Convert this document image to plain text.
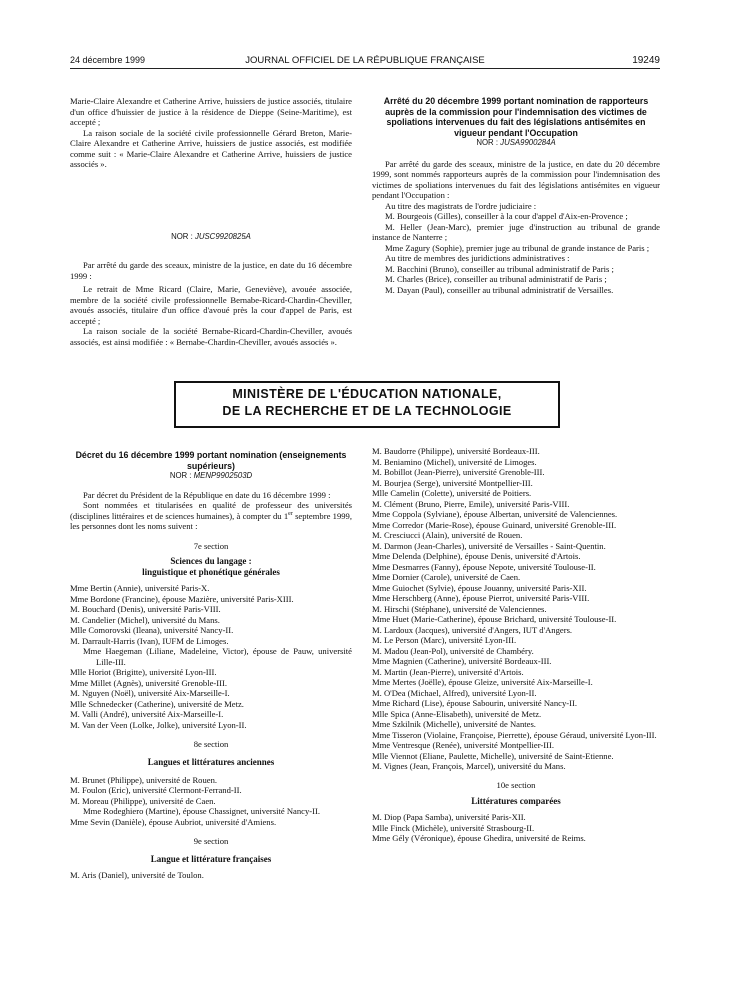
24 décembre 1999	JOURNAL OFFICIEL DE LA RÉPUBLIQUE FRANÇAISE	19249

Marie-Claire Alexandre et Catherine Arrive, huissiers de justice associés, titulaire d'un office d'huissier de justice à la résidence de Dieppe (Seine-Maritime), est accepté ;

La raison sociale de la société civile professionnelle Gérard Breton, Marie-Claire Alexandre et Catherine Arrive, huissiers de justice associés, est modifiée comme suit : « Marie-Claire Alexandre et Catherine Arrive, huissiers de justice associés ».

NOR : JUSC9920825A

Par arrêté du garde des sceaux, ministre de la justice, en date du 16 décembre 1999 :

Le retrait de Mme Ricard (Claire, Marie, Geneviève), avouée associée, membre de la société civile professionnelle Bernabe-Ricard-Chardin-Cheviller, avoués associés, titulaire d'un office d'avoué près la cour d'appel de Paris, est accepté ;

La raison sociale de la société Bernabe-Ricard-Chardin-Cheviller, avoués associés, est ainsi modifiée : « Bernabe-Chardin-Cheviller, avoués associés ».

Arrêté du 20 décembre 1999 portant nomination de rapporteurs auprès de la commission pour l'indemnisation des victimes de spoliations intervenues du fait des législations antisémites en vigueur pendant l'Occupation

NOR : JUSA9900284A

Par arrêté du garde des sceaux, ministre de la justice, en date du 20 décembre 1999, sont nommés rapporteurs auprès de la commission pour l'indemnisation des victimes de spoliations intervenues du fait des législations antisémites en vigueur pendant l'Occupation :

Au titre des magistrats de l'ordre judiciaire :

M. Bourgeois (Gilles), conseiller à la cour d'appel d'Aix-en-Provence ;

M. Heller (Jean-Marc), premier juge d'instruction au tribunal de grande instance de Nanterre ;

Mme Zagury (Sophie), premier juge au tribunal de grande instance de Paris ;

Au titre de membres des juridictions administratives :

M. Bacchini (Bruno), conseiller au tribunal administratif de Paris ;

M. Charles (Brice), conseiller au tribunal administratif de Paris ;

M. Dayan (Paul), conseiller au tribunal administratif de Versailles.

MINISTÈRE DE L'ÉDUCATION NATIONALE,
DE LA RECHERCHE ET DE LA TECHNOLOGIE

Décret du 16 décembre 1999 portant nomination (enseignements supérieurs)

NOR : MENP9902503D

Par décret du Président de la République en date du 16 décembre 1999 :

Sont nommées et titularisées en qualité de professeur des universités (disciplines littéraires et de sciences humaines), à compter du 1er septembre 1999, les personnes dont les noms suivent :

7e section

Sciences du langage :

linguistique et phonétique générales

Mme Bertin (Annie), université Paris-X.

Mme Bordone (Francine), épouse Mazière, université Paris-XIII.

M. Bouchard (Denis), université Paris-VIII.

M. Candelier (Michel), université du Mans.

Mlle Comorovski (Ileana), université Nancy-II.

M. Darrault-Harris (Ivan), IUFM de Limoges.

Mme Haegeman (Liliane, Madeleine, Victor), épouse de Pauw, université Lille-III.

Mlle Horiot (Brigitte), université Lyon-III.

Mme Millet (Agnès), université Grenoble-III.

M. Nguyen (Noël), université Aix-Marseille-I.

Mlle Schnedecker (Catherine), université de Metz.

M. Valli (André), université Aix-Marseille-I.

M. Van der Veen (Lolke, Jolke), université Lyon-II.

8e section

Langues et littératures anciennes

M. Brunet (Philippe), université de Rouen.

M. Foulon (Eric), université Clermont-Ferrand-II.

M. Moreau (Philippe), université de Caen.

Mme Rodeghiero (Martine), épouse Chassignet, université Nancy-II.

Mme Sevin (Danièle), épouse Aubriot, université d'Amiens.

9e section

Langue et littérature françaises

M. Aris (Daniel), université de Toulon.

M. Baudorre (Philippe), université Bordeaux-III.

M. Beniamino (Michel), université de Limoges.

M. Bobillot (Jean-Pierre), université Grenoble-III.

M. Bourjea (Serge), université Montpellier-III.

Mlle Camelin (Colette), université de Poitiers.

M. Clément (Bruno, Pierre, Emile), université Paris-VIII.

Mme Coppola (Sylviane), épouse Albertan, université de Valenciennes.

Mme Corredor (Marie-Rose), épouse Guinard, université Grenoble-III.

M. Cresciucci (Alain), université de Rouen.

M. Darmon (Jean-Charles), université de Versailles - Saint-Quentin.

Mme Delenda (Delphine), épouse Denis, université d'Artois.

Mme Desmarres (Fanny), épouse Nepote, université Toulouse-II.

Mme Dornier (Carole), université de Caen.

Mme Guiochet (Sylvie), épouse Jouanny, université Paris-XII.

Mme Herschberg (Anne), épouse Pierrot, université Paris-VIII.

M. Hirschi (Stéphane), université de Valenciennes.

Mme Huet (Marie-Catherine), épouse Brichard, université Toulouse-II.

M. Lardoux (Jacques), université d'Angers, IUT d'Angers.

M. Le Person (Marc), université Lyon-III.

M. Madou (Jean-Pol), université de Chambéry.

Mme Magnien (Catherine), université Bordeaux-III.

M. Martin (Jean-Pierre), université d'Artois.

Mme Mertes (Joëlle), épouse Gleize, université Aix-Marseille-I.

M. O'Dea (Michael, Alfred), université Lyon-II.

Mme Richard (Lise), épouse Sabourin, université Nancy-II.

Mlle Spica (Anne-Elisabeth), université de Metz.

Mme Szkilnik (Michelle), université de Nantes.

Mme Tisseron (Violaine, Françoise, Pierrette), épouse Géraud, université Lyon-III.

Mme Ventresque (Renée), université Montpellier-III.

Mlle Viennot (Eliane, Paulette, Michelle), université de Saint-Etienne.

M. Vignes (Jean, François, Marcel), université du Mans.

10e section

Littératures comparées

M. Diop (Papa Samba), université Paris-XII.

Mlle Finck (Michèle), université Strasbourg-II.

Mme Gély (Véronique), épouse Ghedira, université de Reims.
